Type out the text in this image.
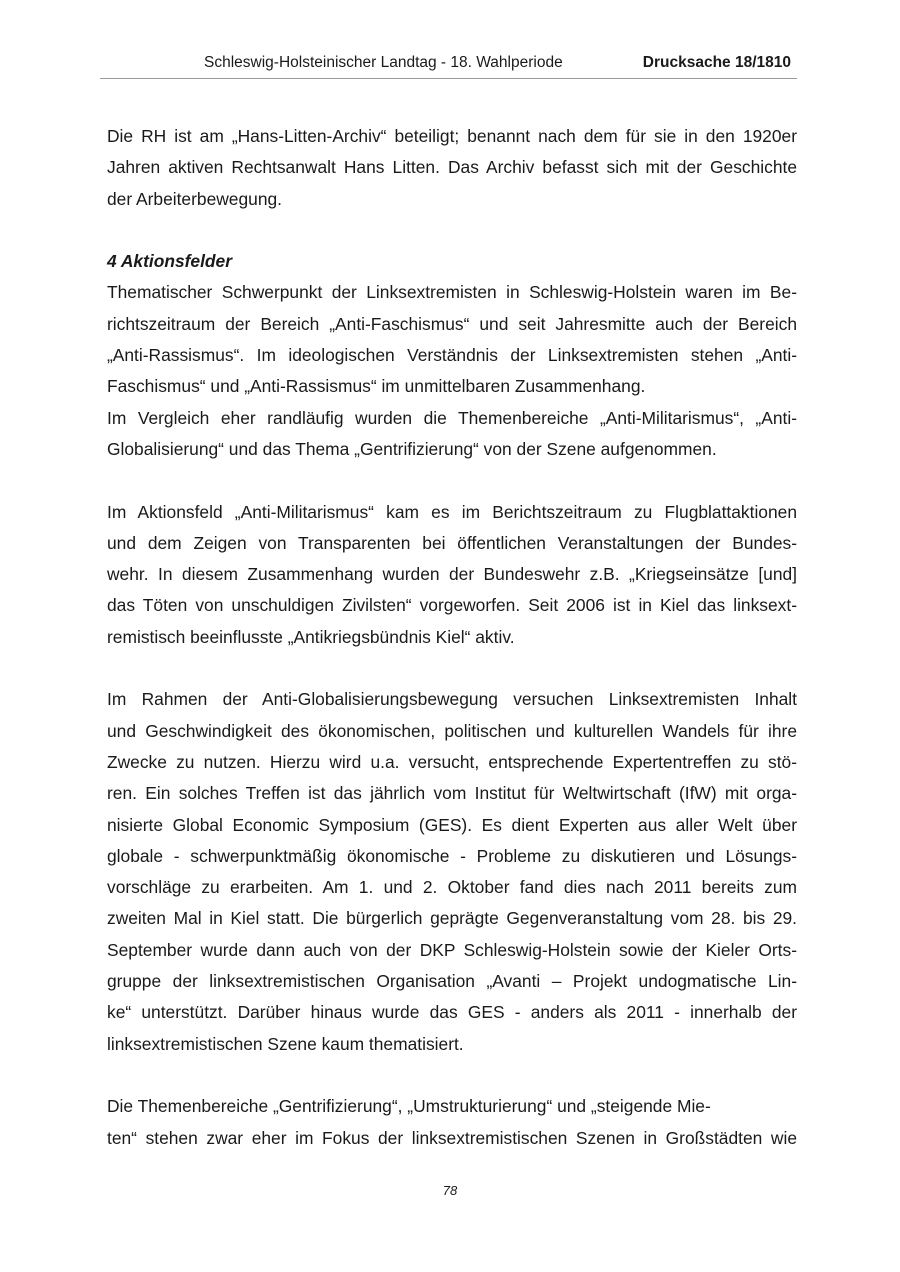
Schleswig-Holsteinischer Landtag - 18. Wahlperiode	Drucksache 18/1810
Die RH ist am „Hans-Litten-Archiv“ beteiligt; benannt nach dem für sie in den 1920er
Jahren aktiven Rechtsanwalt Hans Litten. Das Archiv befasst sich mit der Geschichte
der Arbeiterbewegung.
4 Aktionsfelder
Thematischer Schwerpunkt der Linksextremisten in Schleswig-Holstein waren im Be-
richtszeitraum der Bereich „Anti-Faschismus“ und seit Jahresmitte auch der Bereich
„Anti-Rassismus“. Im ideologischen Verständnis der Linksextremisten stehen „Anti-
Faschismus“ und „Anti-Rassismus“ im unmittelbaren Zusammenhang.
Im Vergleich eher randläufig wurden die Themenbereiche „Anti-Militarismus“, „Anti-
Globalisierung“ und das Thema „Gentrifizierung“ von der Szene aufgenommen.
Im Aktionsfeld „Anti-Militarismus“ kam es im Berichtszeitraum zu Flugblattaktionen
und dem Zeigen von Transparenten bei öffentlichen Veranstaltungen der Bundes-
wehr. In diesem Zusammenhang wurden der Bundeswehr z.B. „Kriegseinsätze [und]
das Töten von unschuldigen Zivilsten“ vorgeworfen. Seit 2006 ist in Kiel das linksext-
remistisch beeinflusste „Antikriegsbündnis Kiel“ aktiv.
Im Rahmen der Anti-Globalisierungsbewegung versuchen Linksextremisten Inhalt
und Geschwindigkeit des ökonomischen, politischen und kulturellen Wandels für ihre
Zwecke zu nutzen. Hierzu wird u.a. versucht, entsprechende Expertentreffen zu stö-
ren. Ein solches Treffen ist das jährlich vom Institut für Weltwirtschaft (IfW) mit orga-
nisierte Global Economic Symposium (GES). Es dient Experten aus aller Welt über
globale - schwerpunktmäßig ökonomische - Probleme zu diskutieren und Lösungs-
vorschläge zu erarbeiten. Am 1. und 2. Oktober fand dies nach 2011 bereits zum
zweiten Mal in Kiel statt. Die bürgerlich geprägte Gegenveranstaltung vom 28. bis 29.
September wurde dann auch von der DKP Schleswig-Holstein sowie der Kieler Orts-
gruppe der linksextremistischen Organisation „Avanti – Projekt undogmatische Lin-
ke“ unterstützt. Darüber hinaus wurde das GES - anders als 2011 - innerhalb der
linksextremistischen Szene kaum thematisiert.
Die Themenbereiche „Gentrifizierung“, „Umstrukturierung“ und „steigende Mie-
ten“ stehen zwar eher im Fokus der linksextremistischen Szenen in Großstädten wie
78
